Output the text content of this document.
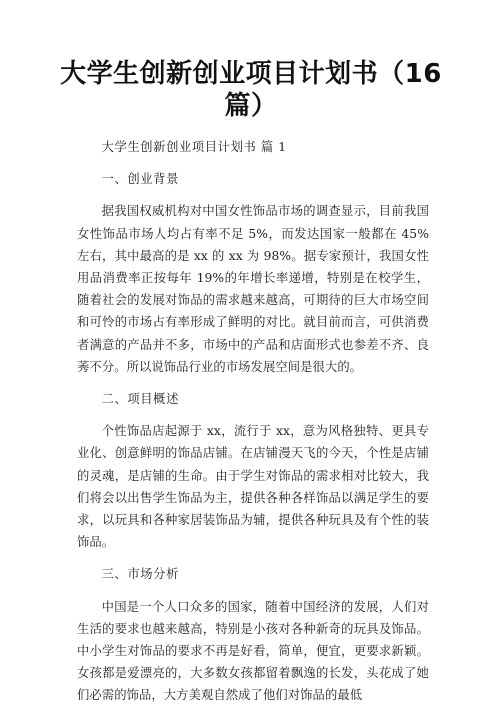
大学生创新创业项目计划书（16篇）

大学生创新创业项目计划书 篇 1

一、创业背景

据我国权威机构对中国女性饰品市场的调查显示，目前我国女性饰品市场人均占有率不足 5%，而发达国家一般都在 45%左右，其中最高的是 xx 的 xx 为 98%。据专家预计，我国女性用品消费率正按每年 19%的年增长率递增，特别是在校学生，随着社会的发展对饰品的需求越来越高，可期待的巨大市场空间和可怜的市场占有率形成了鲜明的对比。就目前而言，可供消费者满意的产品并不多，市场中的产品和店面形式也参差不齐、良莠不分。所以说饰品行业的市场发展空间是很大的。

二、项目概述

个性饰品店起源于 xx，流行于 xx，意为风格独特、更具专业化、创意鲜明的饰品店铺。在店铺漫天飞的今天，个性是店铺的灵魂，是店铺的生命。由于学生对饰品的需求相对比较大，我们将会以出售学生饰品为主，提供各种各样饰品以满足学生的要求，以玩具和各种家居装饰品为辅，提供各种玩具及有个性的装饰品。

三、市场分析

中国是一个人口众多的国家，随着中国经济的发展，人们对生活的要求也越来越高，特别是小孩对各种新奇的玩具及饰品。中小学生对饰品的要求不再是好看，简单，便宜，更要求新颖。女孩都是爱漂亮的，大多数女孩都留着飘逸的长发，头花成了她们必需的饰品，大方美观自然成了他们对饰品的最低
